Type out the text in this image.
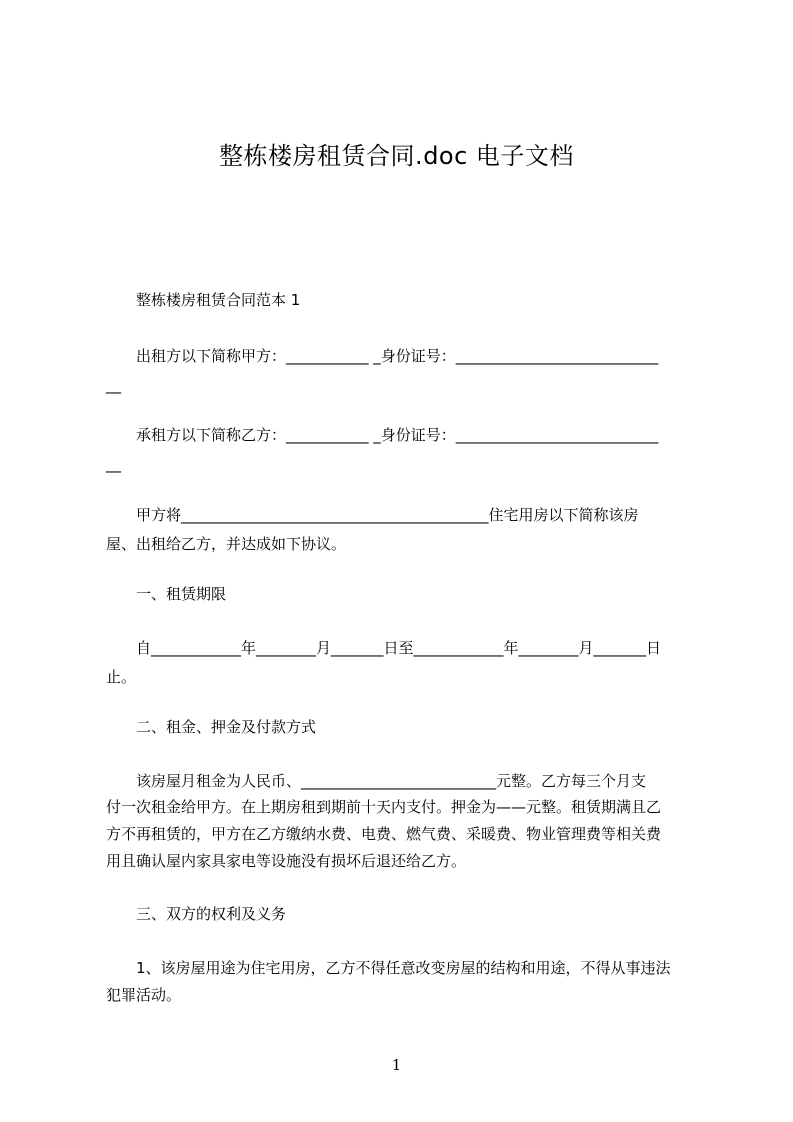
整栋楼房租赁合同.doc 电子文档
整栋楼房租赁合同范本 1
出租方以下简称甲方：___________ _身份证号：___________________________
__
承租方以下简称乙方：___________ _身份证号：___________________________
__
甲方将_________________________________________住宅用房以下简称该房
屋、出租给乙方，并达成如下协议。
一、租赁期限
自____________年________月_______日至____________年________月_______日
止。
二、租金、押金及付款方式
该房屋月租金为人民币、__________________________元整。乙方每三个月支
付一次租金给甲方。在上期房租到期前十天内支付。押金为——元整。租赁期满且乙
方不再租赁的，甲方在乙方缴纳水费、电费、燃气费、采暖费、物业管理费等相关费
用且确认屋内家具家电等设施没有损坏后退还给乙方。
三、双方的权利及义务
1、该房屋用途为住宅用房，乙方不得任意改变房屋的结构和用途，不得从事违法
犯罪活动。
1
